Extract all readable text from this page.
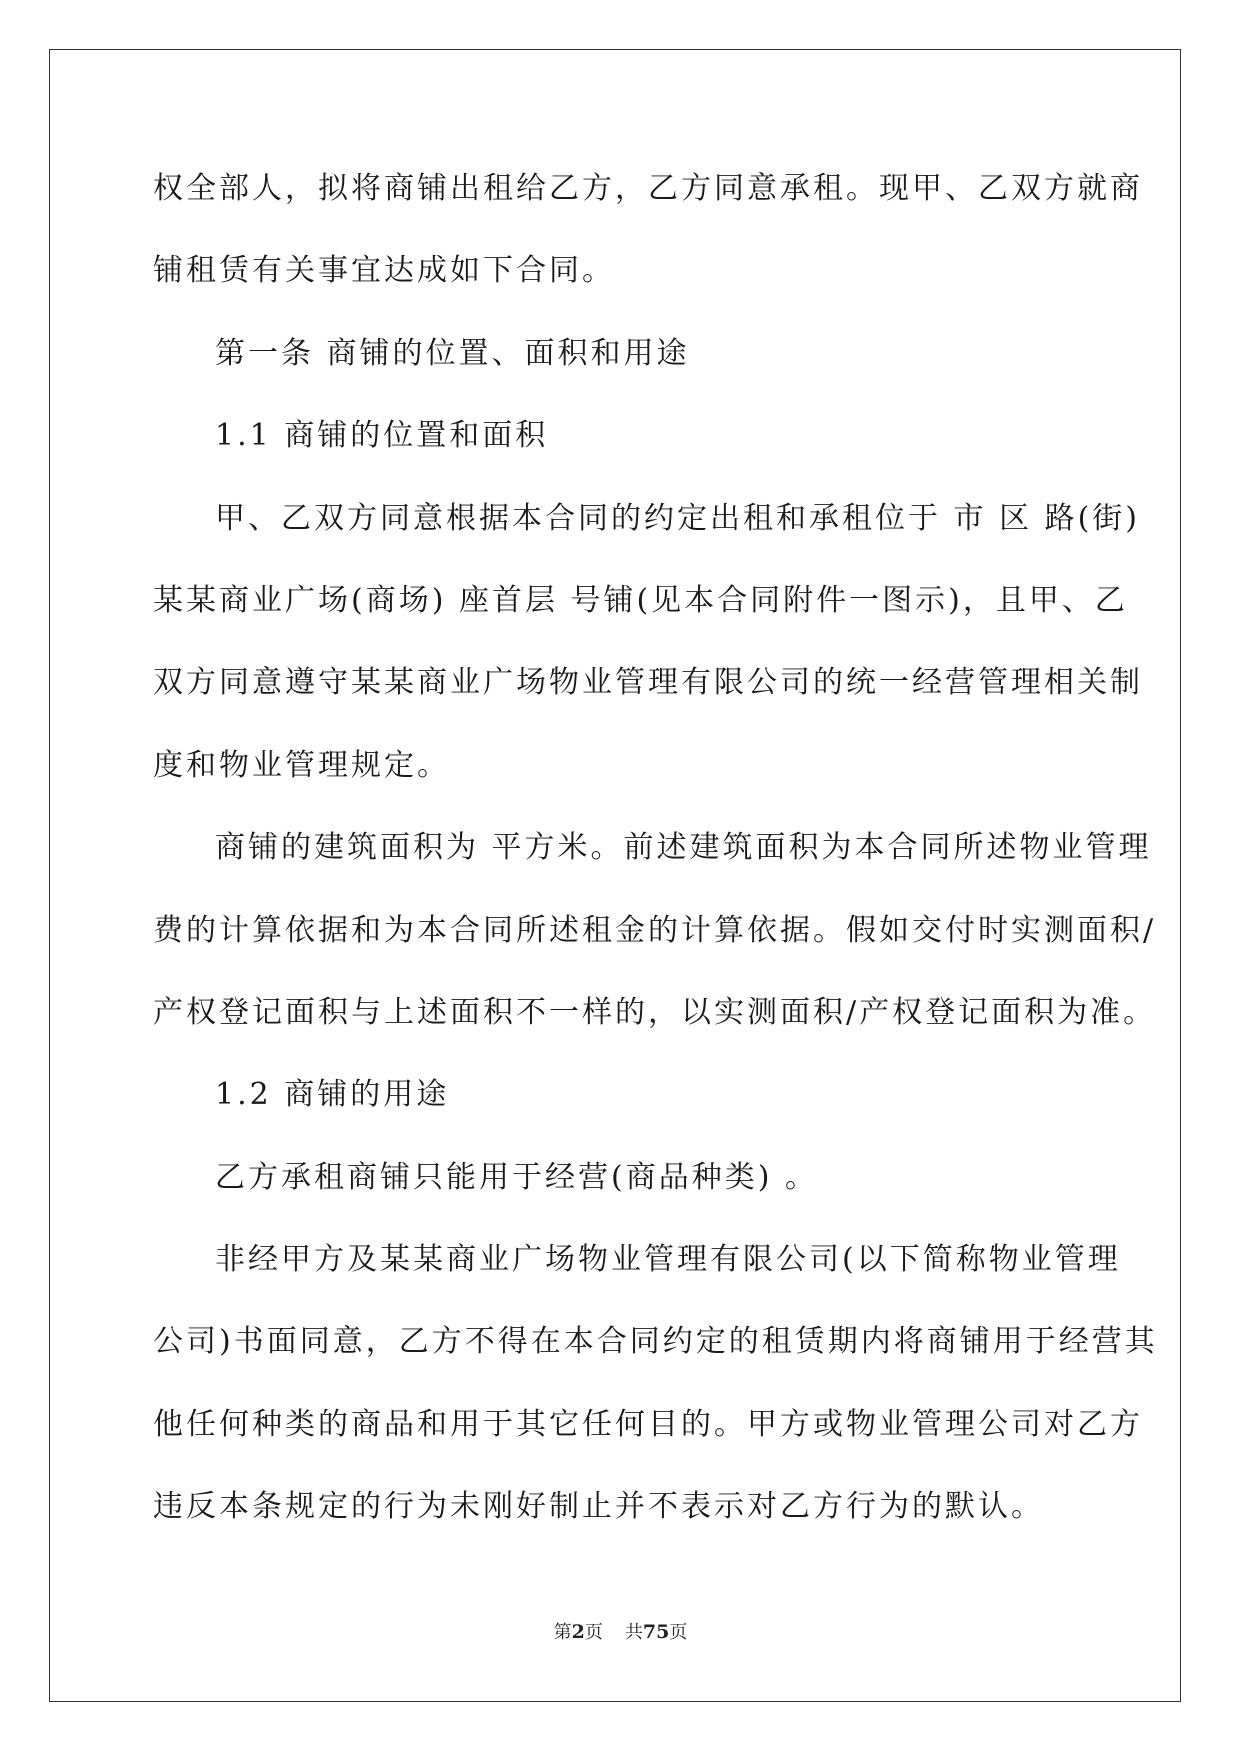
权全部人，拟将商铺出租给乙方，乙方同意承租。现甲、乙双方就商
铺租赁有关事宜达成如下合同。
第一条 商铺的位置、面积和用途
1.1 商铺的位置和面积
甲、乙双方同意根据本合同的约定出租和承租位于 市 区 路(街)
某某商业广场(商场) 座首层 号铺(见本合同附件一图示)，且甲、乙
双方同意遵守某某商业广场物业管理有限公司的统一经营管理相关制
度和物业管理规定。
商铺的建筑面积为 平方米。前述建筑面积为本合同所述物业管理
费的计算依据和为本合同所述租金的计算依据。假如交付时实测面积/
产权登记面积与上述面积不一样的，以实测面积/产权登记面积为准。
1.2 商铺的用途
乙方承租商铺只能用于经营(商品种类) 。
非经甲方及某某商业广场物业管理有限公司(以下简称物业管理
公司)书面同意，乙方不得在本合同约定的租赁期内将商铺用于经营其
他任何种类的商品和用于其它任何目的。甲方或物业管理公司对乙方
违反本条规定的行为未刚好制止并不表示对乙方行为的默认。
第2页 共75页
